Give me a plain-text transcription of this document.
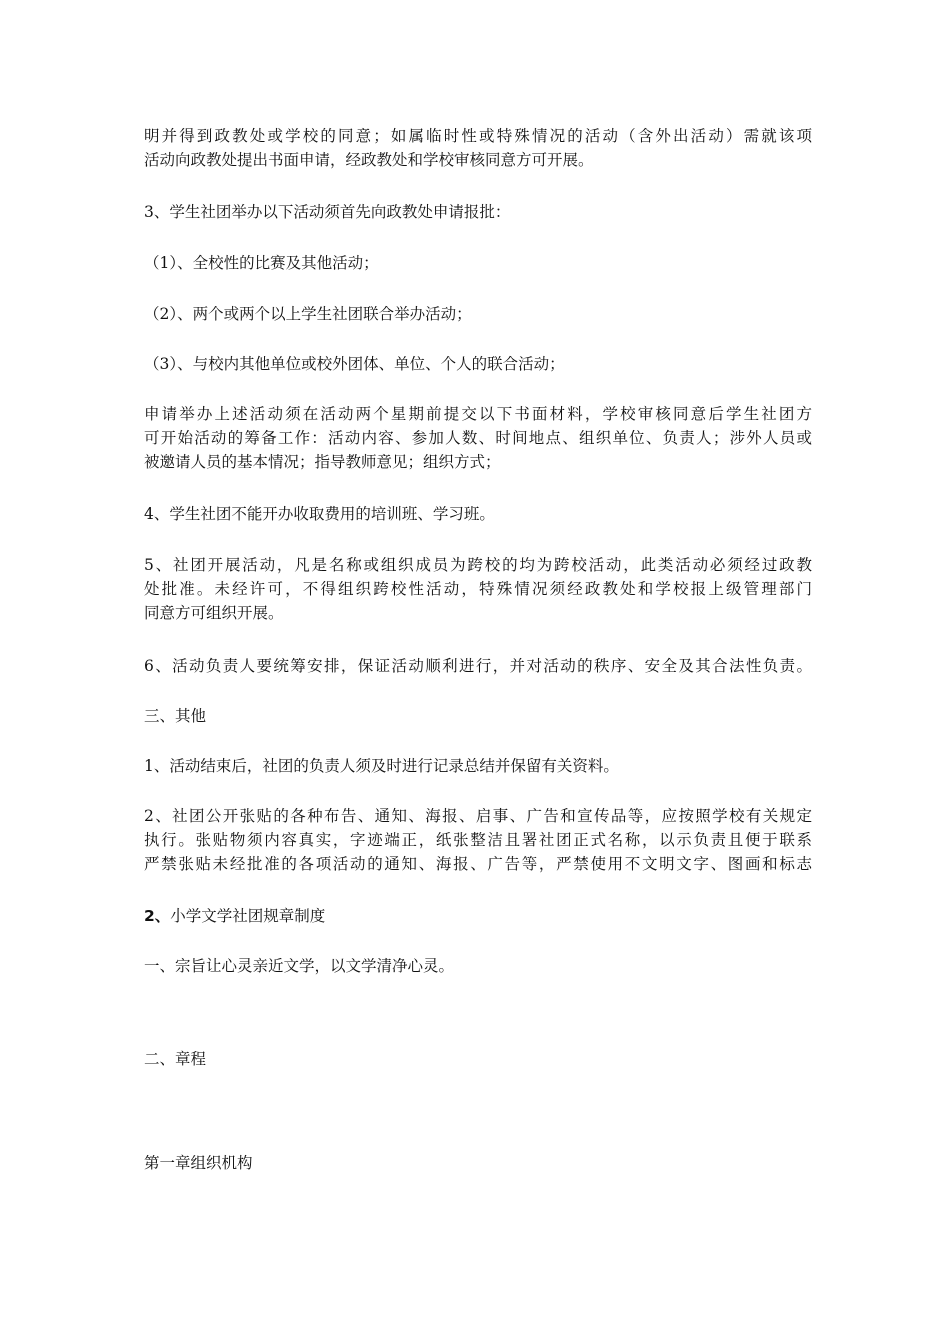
明并得到政教处或学校的同意；如属临时性或特殊情况的活动（含外出活动）需就该项
活动向政教处提出书面申请，经政教处和学校审核同意方可开展。
3、学生社团举办以下活动须首先向政教处申请报批：
（1）、全校性的比赛及其他活动；
（2）、两个或两个以上学生社团联合举办活动；
（3）、与校内其他单位或校外团体、单位、个人的联合活动；
申请举办上述活动须在活动两个星期前提交以下书面材料，学校审核同意后学生社团方
可开始活动的筹备工作：活动内容、参加人数、时间地点、组织单位、负责人；涉外人员或
被邀请人员的基本情况；指导教师意见；组织方式；
4、学生社团不能开办收取费用的培训班、学习班。
5、社团开展活动，凡是名称或组织成员为跨校的均为跨校活动，此类活动必须经过政教
处批准。未经许可，不得组织跨校性活动，特殊情况须经政教处和学校报上级管理部门
同意方可组织开展。
6、活动负责人要统筹安排，保证活动顺利进行，并对活动的秩序、安全及其合法性负责。
三、其他
1、活动结束后，社团的负责人须及时进行记录总结并保留有关资料。
2、社团公开张贴的各种布告、通知、海报、启事、广告和宣传品等，应按照学校有关规定
执行。张贴物须内容真实，字迹端正，纸张整洁且署社团正式名称，以示负责且便于联系
严禁张贴未经批准的各项活动的通知、海报、广告等，严禁使用不文明文字、图画和标志
2、小学文学社团规章制度
一、宗旨让心灵亲近文学，以文学清净心灵。
二、章程
第一章组织机构
